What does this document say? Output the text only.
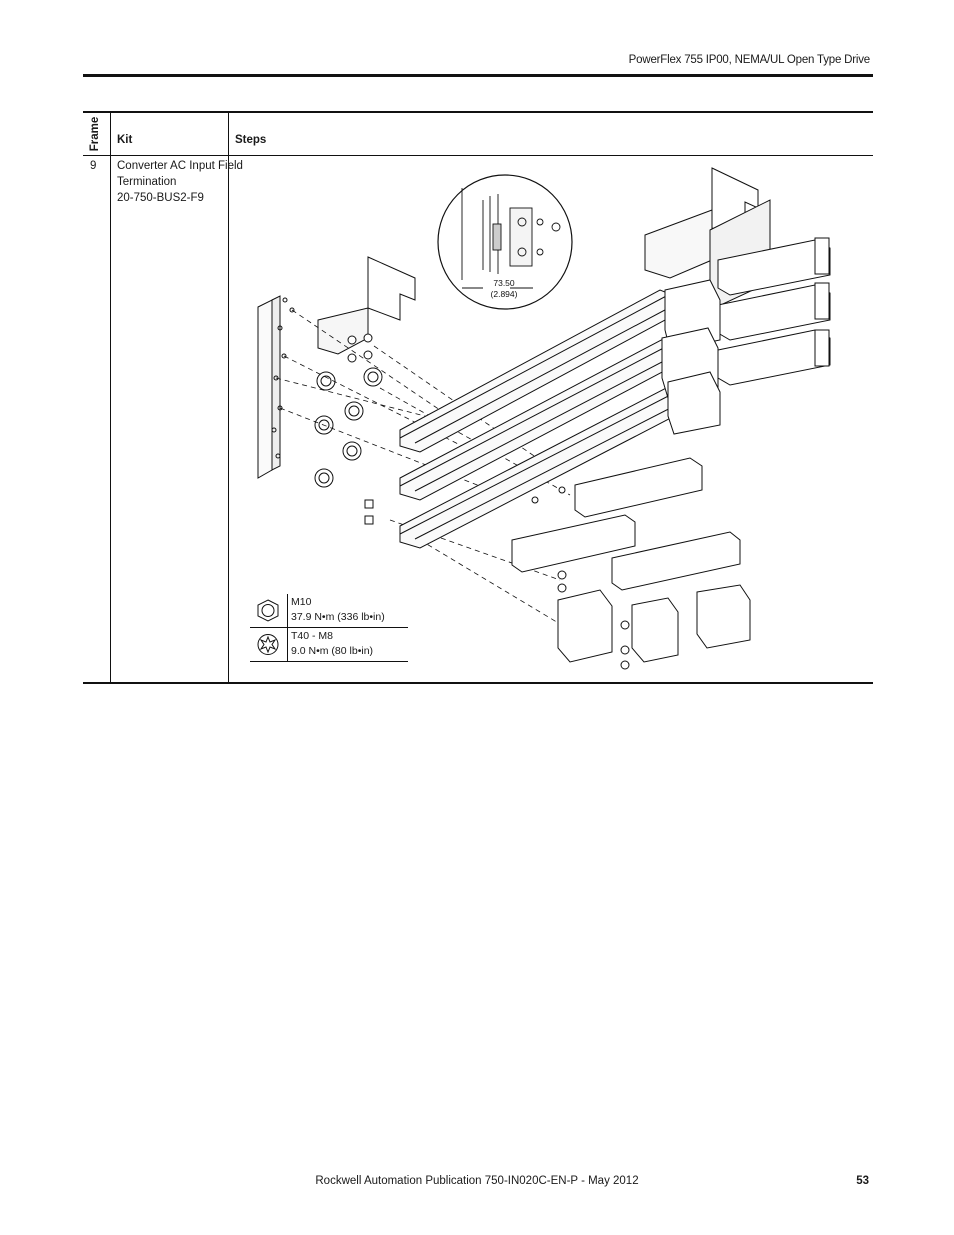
PowerFlex 755 IP00, NEMA/UL Open Type Drive
Frame Kit	Steps
9 Converter AC Input Field
Termination
20-750-BUS2-F9
73.50
(2.894)
M10
37.9 N•m (336 lb•in)
T40 - M8
9.0 N•m (80 lb•in)
Rockwell Automation Publication 750-IN020C-EN-P - May 2012	53
